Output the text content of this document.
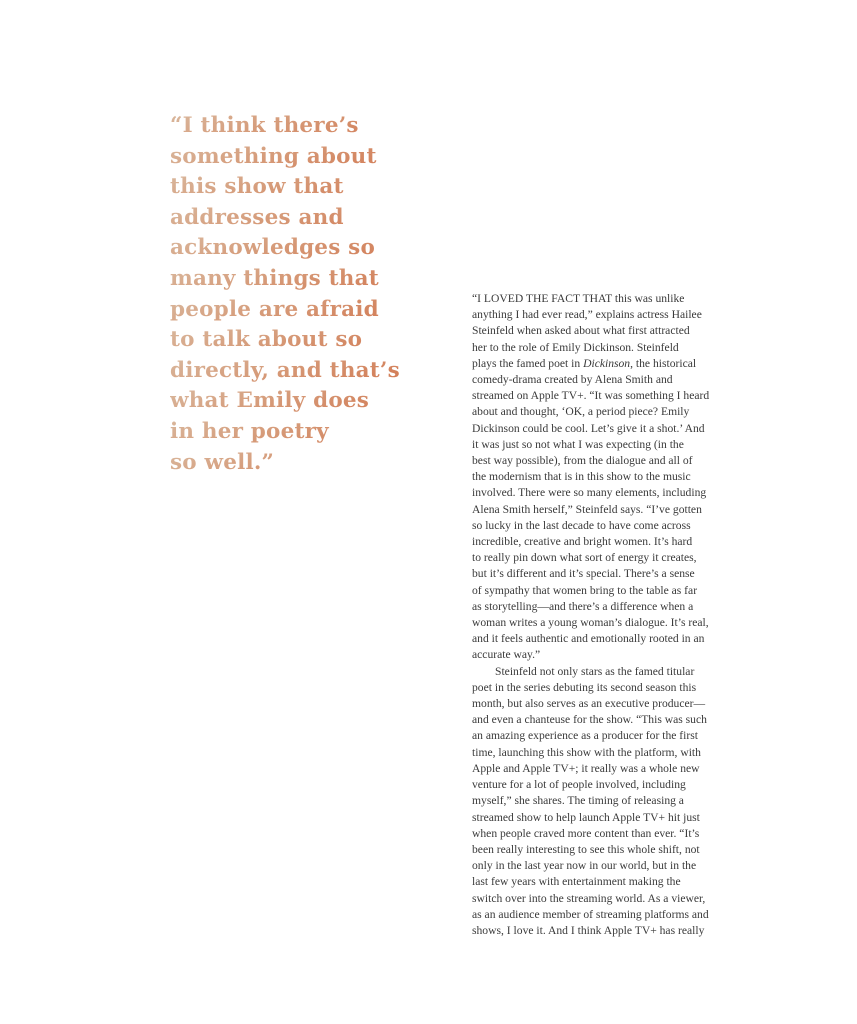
“I think there’s
something about
this show that
addresses and
acknowledges so
many things that
people are afraid
to talk about so
directly, and that’s
what Emily does
in her poetry
so well.”
“I LOVED THE FACT THAT this was unlike
anything I had ever read,” explains actress Hailee
Steinfeld when asked about what first attracted
her to the role of Emily Dickinson. Steinfeld
plays the famed poet in Dickinson, the historical
comedy-drama created by Alena Smith and
streamed on Apple TV+. “It was something I heard
about and thought, ‘OK, a period piece? Emily
Dickinson could be cool. Let’s give it a shot.’ And
it was just so not what I was expecting (in the
best way possible), from the dialogue and all of
the modernism that is in this show to the music
involved. There were so many elements, including
Alena Smith herself,” Steinfeld says. “I’ve gotten
so lucky in the last decade to have come across
incredible, creative and bright women. It’s hard
to really pin down what sort of energy it creates,
but it’s different and it’s special. There’s a sense
of sympathy that women bring to the table as far
as storytelling—and there’s a difference when a
woman writes a young woman’s dialogue. It’s real,
and it feels authentic and emotionally rooted in an
accurate way.”
Steinfeld not only stars as the famed titular
poet in the series debuting its second season this
month, but also serves as an executive producer—
and even a chanteuse for the show. “This was such
an amazing experience as a producer for the first
time, launching this show with the platform, with
Apple and Apple TV+; it really was a whole new
venture for a lot of people involved, including
myself,” she shares. The timing of releasing a
streamed show to help launch Apple TV+ hit just
when people craved more content than ever. “It’s
been really interesting to see this whole shift, not
only in the last year now in our world, but in the
last few years with entertainment making the
switch over into the streaming world. As a viewer,
as an audience member of streaming platforms and
shows, I love it. And I think Apple TV+ has really
